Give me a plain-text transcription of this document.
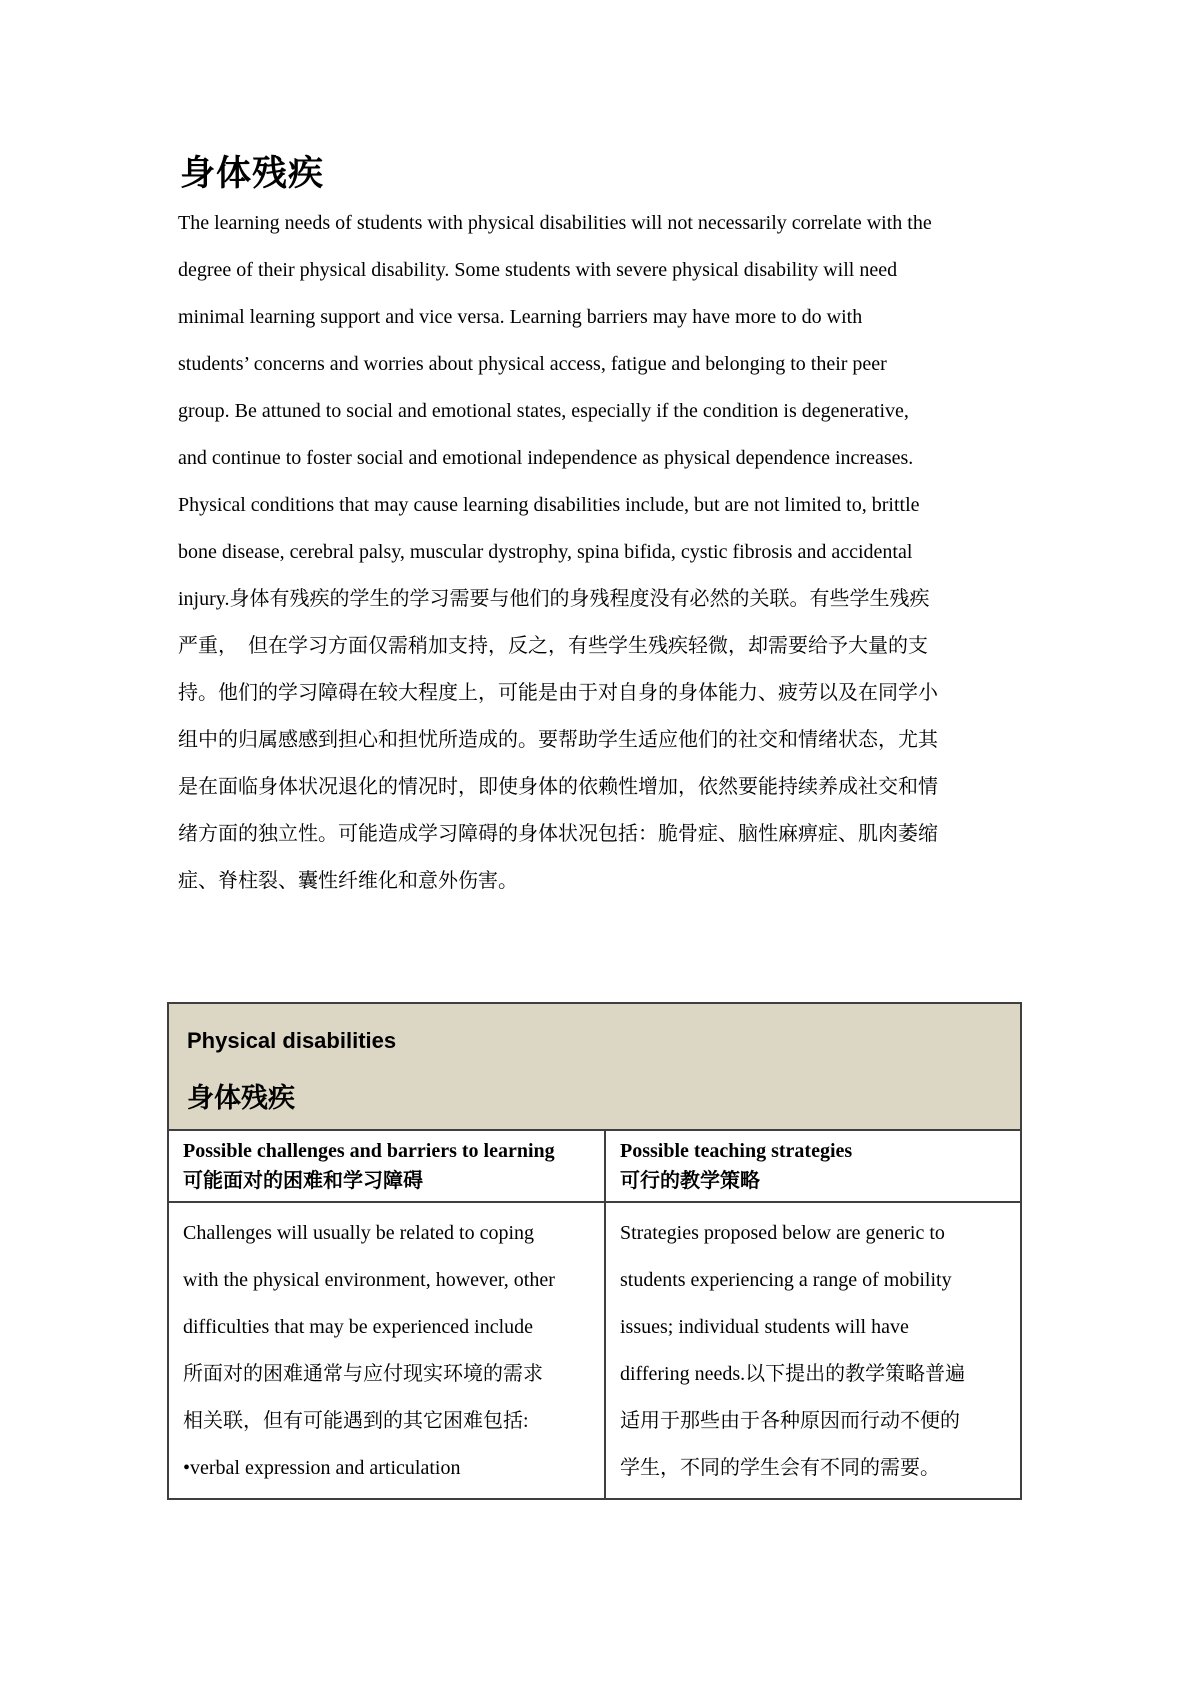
身体残疾
The learning needs of students with physical disabilities will not necessarily correlate with the
degree of their physical disability. Some students with severe physical disability will need
minimal learning support and vice versa. Learning barriers may have more to do with
students’ concerns and worries about physical access, fatigue and belonging to their peer
group. Be attuned to social and emotional states, especially if the condition is degenerative,
and continue to foster social and emotional independence as physical dependence increases.
Physical conditions that may cause learning disabilities include, but are not limited to, brittle
bone disease, cerebral palsy, muscular dystrophy, spina bifida, cystic fibrosis and accidental
injury.身体有残疾的学生的学习需要与他们的身残程度没有必然的关联。有些学生残疾
严重，　但在学习方面仅需稍加支持，反之，有些学生残疾轻微，却需要给予大量的支
持。他们的学习障碍在较大程度上，可能是由于对自身的身体能力、疲劳以及在同学小
组中的归属感感到担心和担忧所造成的。要帮助学生适应他们的社交和情绪状态，尤其
是在面临身体状况退化的情况时，即使身体的依赖性增加，依然要能持续养成社交和情
绪方面的独立性。可能造成学习障碍的身体状况包括：脆骨症、脑性麻痹症、肌肉萎缩
症、脊柱裂、囊性纤维化和意外伤害。
Physical disabilities
身体残疾
Possible challenges and barriers to learning
可能面对的困难和学习障碍
Possible teaching strategies
可行的教学策略
Challenges will usually be related to coping
with the physical environment, however, other
difficulties that may be experienced include
所面对的困难通常与应付现实环境的需求
相关联，但有可能遇到的其它困难包括:
•verbal expression and articulation
Strategies proposed below are generic to
students experiencing a range of mobility
issues; individual students will have
differing needs.以下提出的教学策略普遍
适用于那些由于各种原因而行动不便的
学生，不同的学生会有不同的需要。
